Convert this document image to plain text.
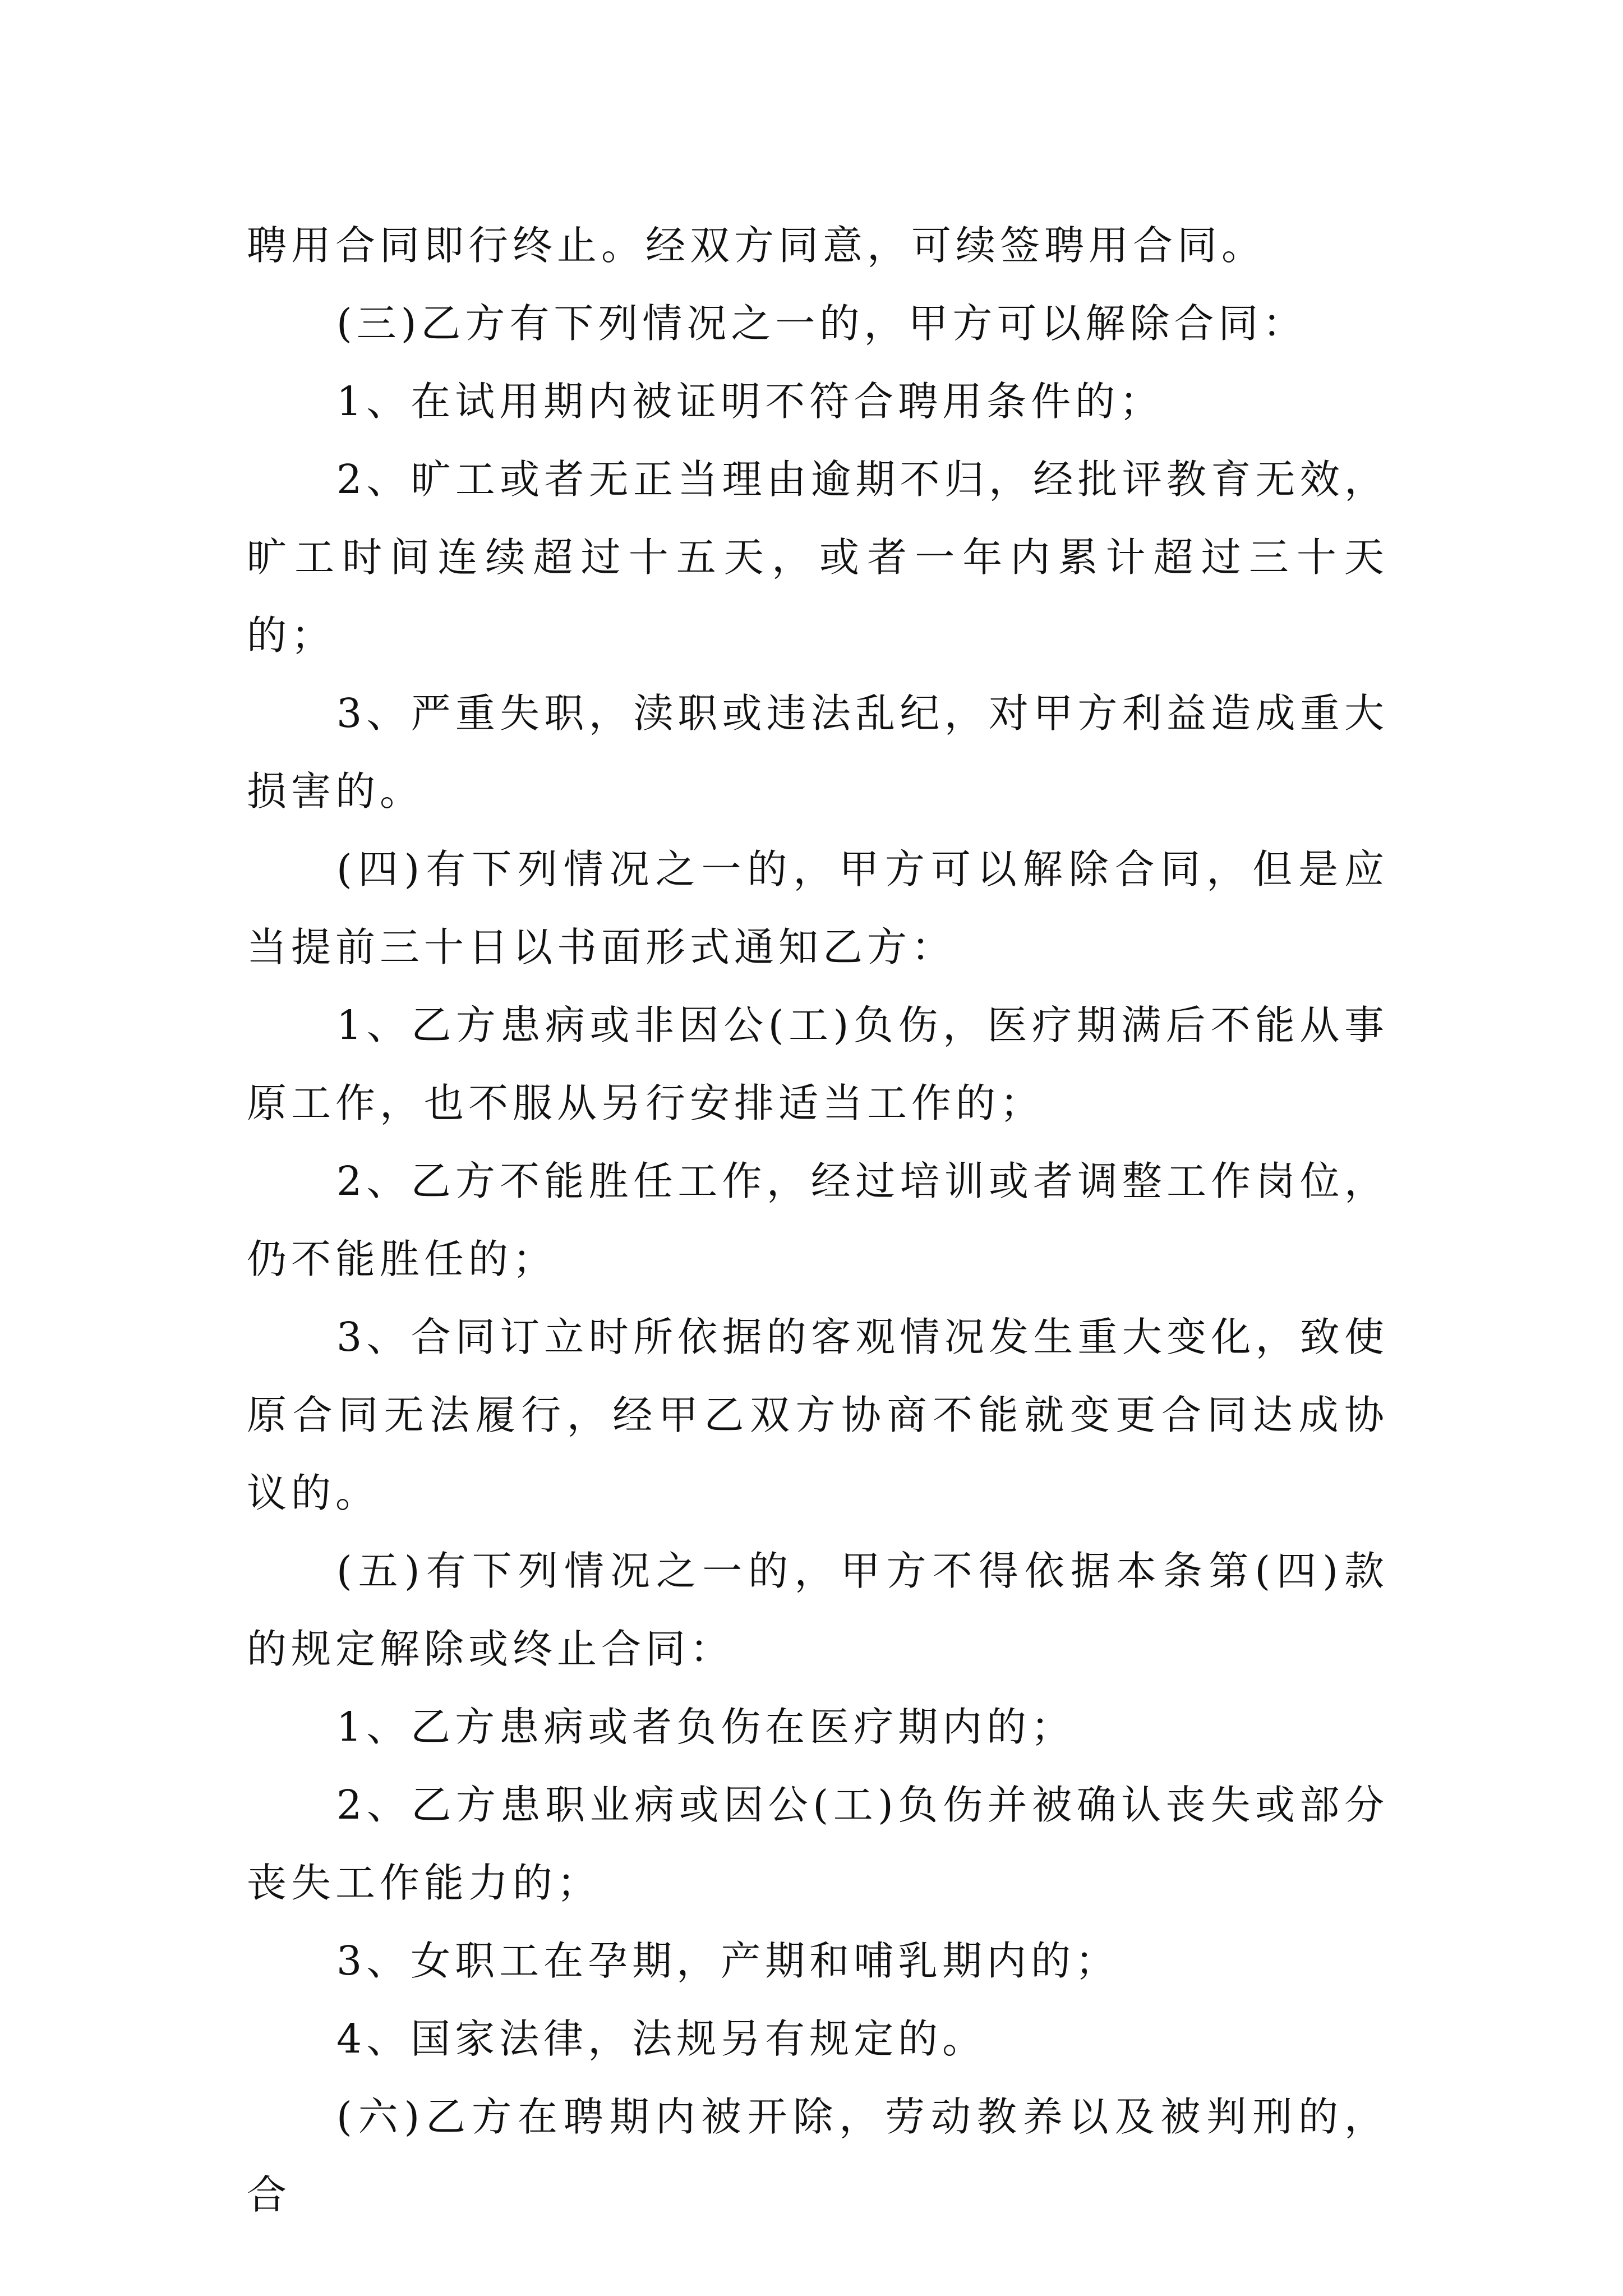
聘用合同即行终止。经双方同意，可续签聘用合同。

(三)乙方有下列情况之一的，甲方可以解除合同：

1、在试用期内被证明不符合聘用条件的；

2、旷工或者无正当理由逾期不归，经批评教育无效，旷工时间连续超过十五天，或者一年内累计超过三十天的；

3、严重失职，渎职或违法乱纪，对甲方利益造成重大损害的。

(四)有下列情况之一的，甲方可以解除合同，但是应当提前三十日以书面形式通知乙方：

1、乙方患病或非因公(工)负伤，医疗期满后不能从事原工作，也不服从另行安排适当工作的；

2、乙方不能胜任工作，经过培训或者调整工作岗位，仍不能胜任的；

3、合同订立时所依据的客观情况发生重大变化，致使原合同无法履行，经甲乙双方协商不能就变更合同达成协议的。

(五)有下列情况之一的，甲方不得依据本条第(四)款的规定解除或终止合同：

1、乙方患病或者负伤在医疗期内的；

2、乙方患职业病或因公(工)负伤并被确认丧失或部分丧失工作能力的；

3、女职工在孕期，产期和哺乳期内的；

4、国家法律，法规另有规定的。

(六)乙方在聘期内被开除，劳动教养以及被判刑的，合
